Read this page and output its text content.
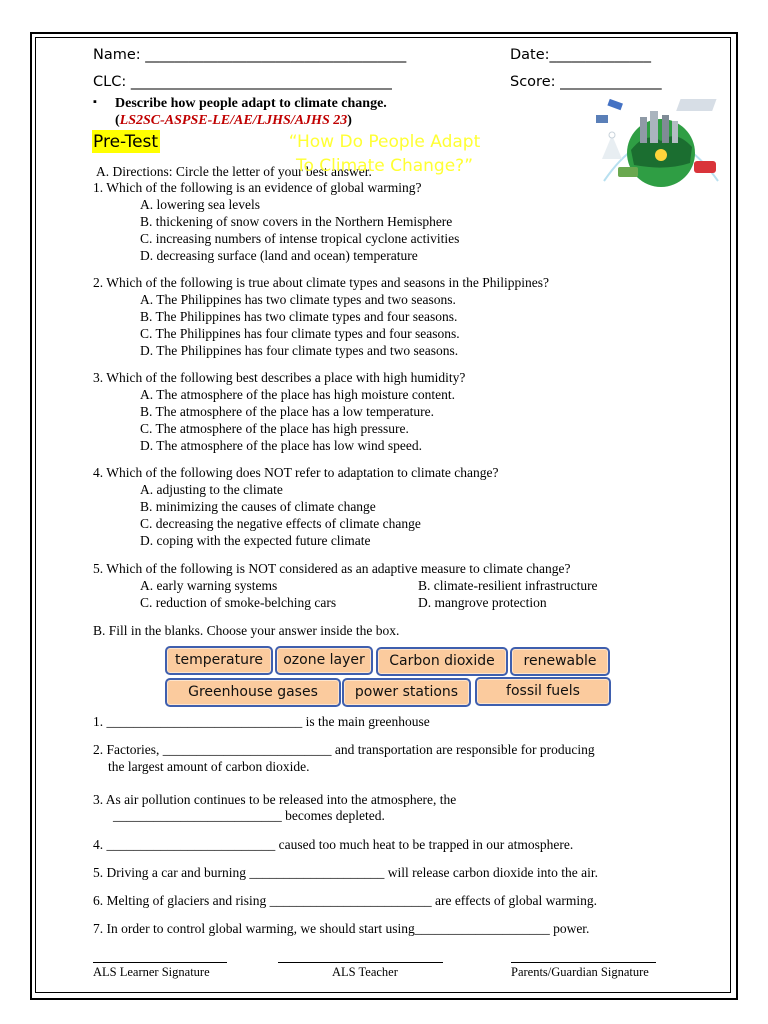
Name: ____________________________________	Date:______________
CLC: ____________________________________	Score: ______________
▪ Describe how people adapt to climate change.
(LS2SC-ASPSE-LE/AE/LJHS/AJHS 23)
Pre-Test
A. Directions: Circle the letter of your best answer.
1. Which of the following is an evidence of global warming?
A. lowering sea levels
B. thickening of snow covers in the Northern Hemisphere
C. increasing numbers of intense tropical cyclone activities
D. decreasing surface (land and ocean) temperature
2. Which of the following is true about climate types and seasons in the Philippines?
A. The Philippines has two climate types and two seasons.
B. The Philippines has two climate types and four seasons.
C. The Philippines has four climate types and four seasons.
D. The Philippines has four climate types and two seasons.
3. Which of the following best describes a place with high humidity?
A. The atmosphere of the place has high moisture content.
B. The atmosphere of the place has a low temperature.
C. The atmosphere of the place has high pressure.
D. The atmosphere of the place has low wind speed.
4. Which of the following does NOT refer to adaptation to climate change?
A. adjusting to the climate
B. minimizing the causes of climate change
C. decreasing the negative effects of climate change
D. coping with the expected future climate
5. Which of the following is NOT considered as an adaptive measure to climate change?
A. early warning systems	B. climate-resilient infrastructure
C. reduction of smoke-belching cars	D. mangrove protection
“How Do People Adapt To Climate Change?”
B. Fill in the blanks. Choose your answer inside the box.
temperature	ozone layer	Carbon dioxide	renewable
Greenhouse gases	power stations	fossil fuels
1. _____________________________ is the main greenhouse
2. Factories, _________________________ and transportation are responsible for producing
the largest amount of carbon dioxide.
3. As air pollution continues to be released into the atmosphere, the
_________________________ becomes depleted.
4. _________________________ caused too much heat to be trapped in our atmosphere.
5. Driving a car and burning ____________________ will release carbon dioxide into the air.
6. Melting of glaciers and rising ________________________ are effects of global warming.
7. In order to control global warming, we should start using____________________ power.
ALS Learner Signature	ALS Teacher	Parents/Guardian Signature
